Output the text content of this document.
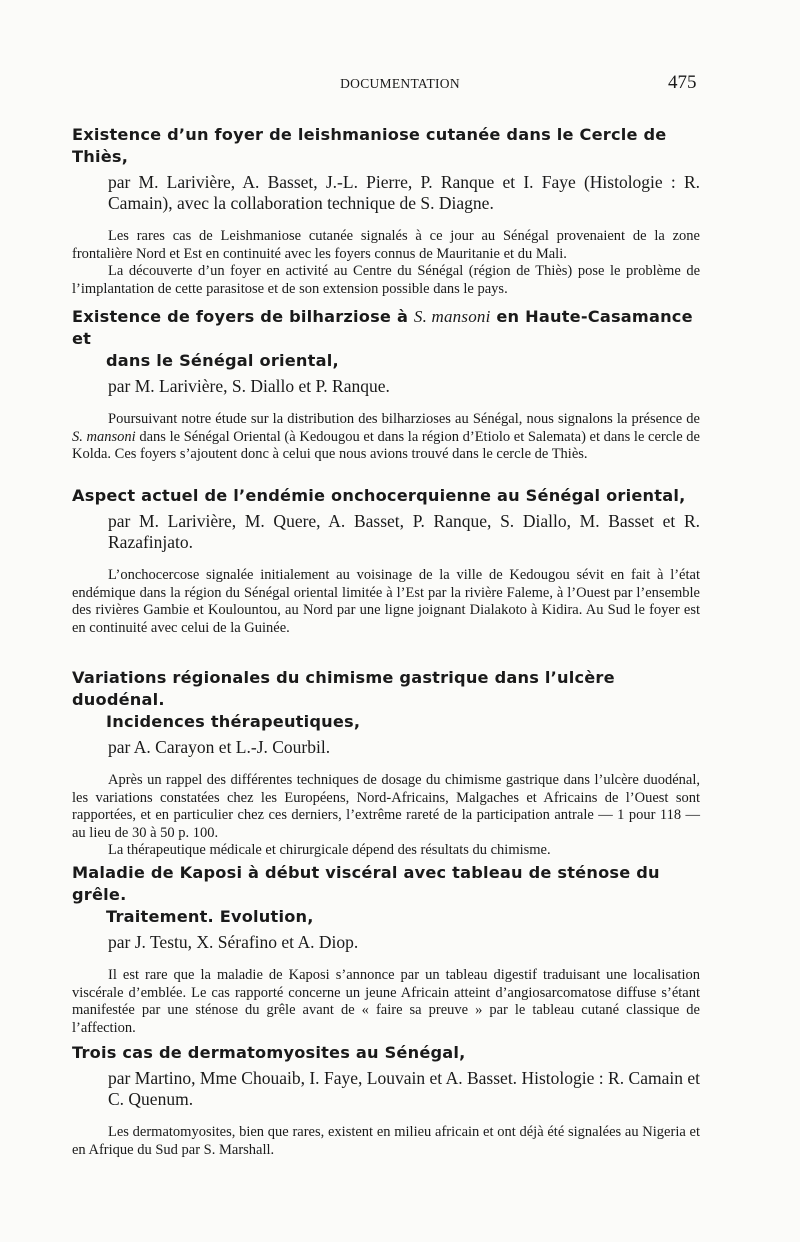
DOCUMENTATION	475
Existence d’un foyer de leishmaniose cutanée dans le Cercle de Thiès,
par M. Larivière, A. Basset, J.-L. Pierre, P. Ranque et I. Faye (Histologie : R. Camain), avec la collaboration technique de S. Diagne.

Les rares cas de Leishmaniose cutanée signalés à ce jour au Sénégal provenaient de la zone frontalière Nord et Est en continuité avec les foyers connus de Mauritanie et du Mali.

La découverte d’un foyer en activité au Centre du Sénégal (région de Thiès) pose le problème de l’implantation de cette parasitose et de son extension possible dans le pays.

Existence de foyers de bilharziose à S. mansoni en Haute-Casamance et
dans le Sénégal oriental,
par M. Larivière, S. Diallo et P. Ranque.

Poursuivant notre étude sur la distribution des bilharzioses au Sénégal, nous signalons la présence de S. mansoni dans le Sénégal Oriental (à Kedougou et dans la région d’Etiolo et Salemata) et dans le cercle de Kolda. Ces foyers s’ajoutent donc à celui que nous avions trouvé dans le cercle de Thiès.

Aspect actuel de l’endémie onchocerquienne au Sénégal oriental,
par M. Larivière, M. Quere, A. Basset, P. Ranque, S. Diallo, M. Basset et R. Razafinjato.

L’onchocercose signalée initialement au voisinage de la ville de Kedougou sévit en fait à l’état endémique dans la région du Sénégal oriental limitée à l’Est par la rivière Faleme, à l’Ouest par l’ensemble des rivières Gambie et Koulountou, au Nord par une ligne joignant Dialakoto à Kidira. Au Sud le foyer est en continuité avec celui de la Guinée.

Variations régionales du chimisme gastrique dans l’ulcère duodénal.
Incidences thérapeutiques,
par A. Carayon et L.-J. Courbil.

Après un rappel des différentes techniques de dosage du chimisme gastrique dans l’ulcère duodénal, les variations constatées chez les Européens, Nord-Africains, Malgaches et Africains de l’Ouest sont rapportées, et en particulier chez ces derniers, l’extrême rareté de la participation antrale — 1 pour 118 — au lieu de 30 à 50 p. 100.

La thérapeutique médicale et chirurgicale dépend des résultats du chimisme.

Maladie de Kaposi à début viscéral avec tableau de sténose du grêle.
Traitement. Evolution,
par J. Testu, X. Sérafino et A. Diop.

Il est rare que la maladie de Kaposi s’annonce par un tableau digestif traduisant une localisation viscérale d’emblée. Le cas rapporté concerne un jeune Africain atteint d’angiosarcomatose diffuse s’étant manifestée par une sténose du grêle avant de « faire sa preuve » par le tableau cutané classique de l’affection.

Trois cas de dermatomyosites au Sénégal,
par Martino, Mme Chouaib, I. Faye, Louvain et A. Basset. Histologie : R. Camain et C. Quenum.

Les dermatomyosites, bien que rares, existent en milieu africain et ont déjà été signalées au Nigeria et en Afrique du Sud par S. Marshall.
